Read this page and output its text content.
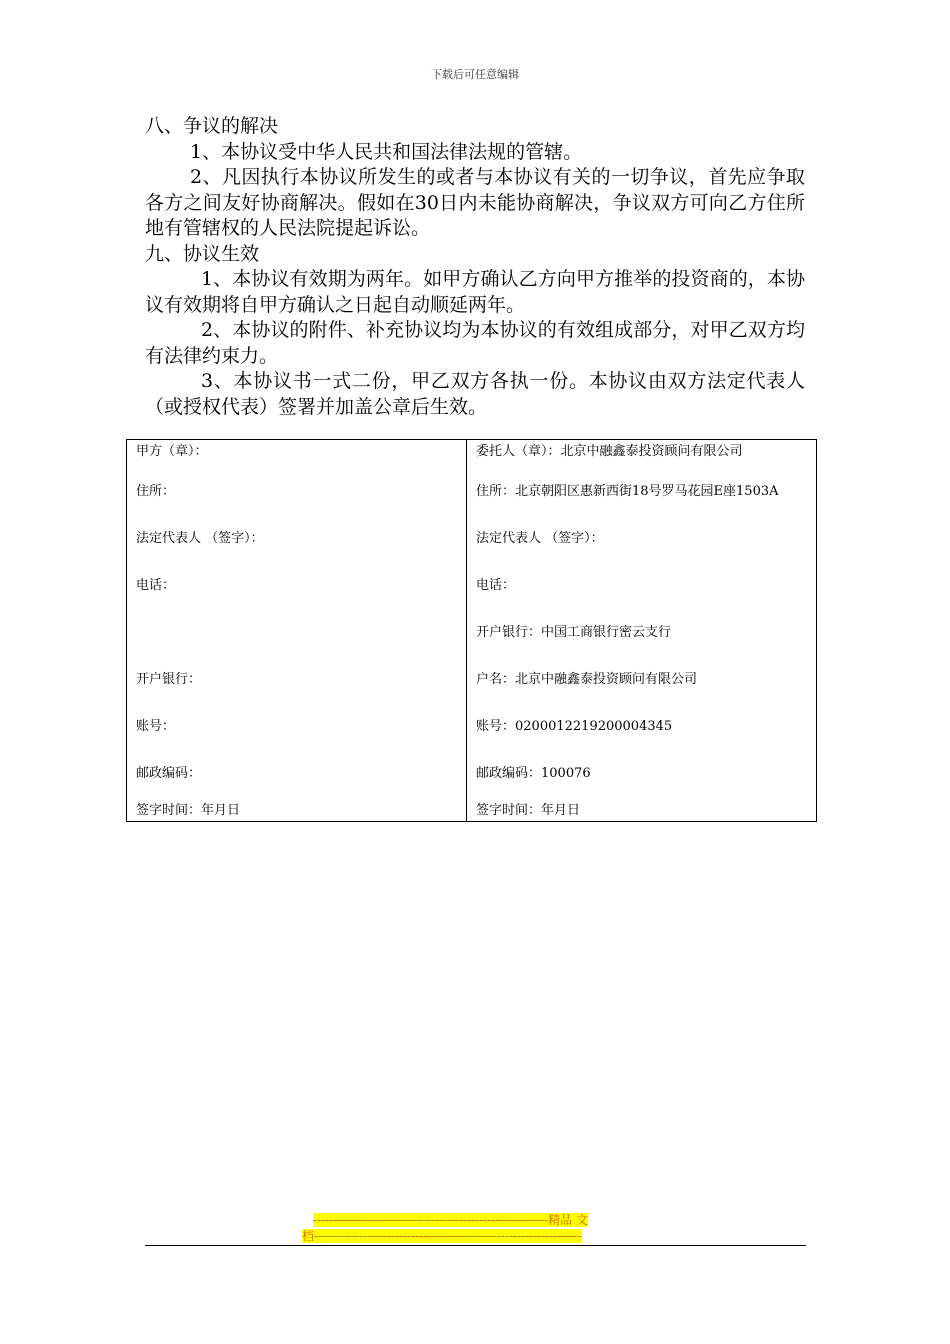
下载后可任意编辑

八、争议的解决

1、本协议受中华人民共和国法律法规的管辖。

2、凡因执行本协议所发生的或者与本协议有关的一切争议，首先应争取各方之间友好协商解决。假如在30日内未能协商解决，争议双方可向乙方住所地有管辖权的人民法院提起诉讼。

九、协议生效

1、本协议有效期为两年。如甲方确认乙方向甲方推举的投资商的，本协议有效期将自甲方确认之日起自动顺延两年。

2、本协议的附件、补充协议均为本协议的有效组成部分，对甲乙双方均有法律约束力。

3、本协议书一式二份，甲乙双方各执一份。本协议由双方法定代表人（或授权代表）签署并加盖公章后生效。

甲方（章）：	委托人（章）：北京中融鑫泰投资顾问有限公司
住所：	住所：北京朝阳区惠新西街18号罗马花园E座1503A
法定代表人 （签字）：	法定代表人 （签字）：
电话：	电话：
	开户银行：中国工商银行密云支行
开户银行：	户名：北京中融鑫泰投资顾问有限公司
账号：	账号：0200012219200004345
邮政编码：	邮政编码：100076
签字时间：年月日	签字时间：年月日
----------------------------------------------------------精品 文
档------------------------------------------------------------------
